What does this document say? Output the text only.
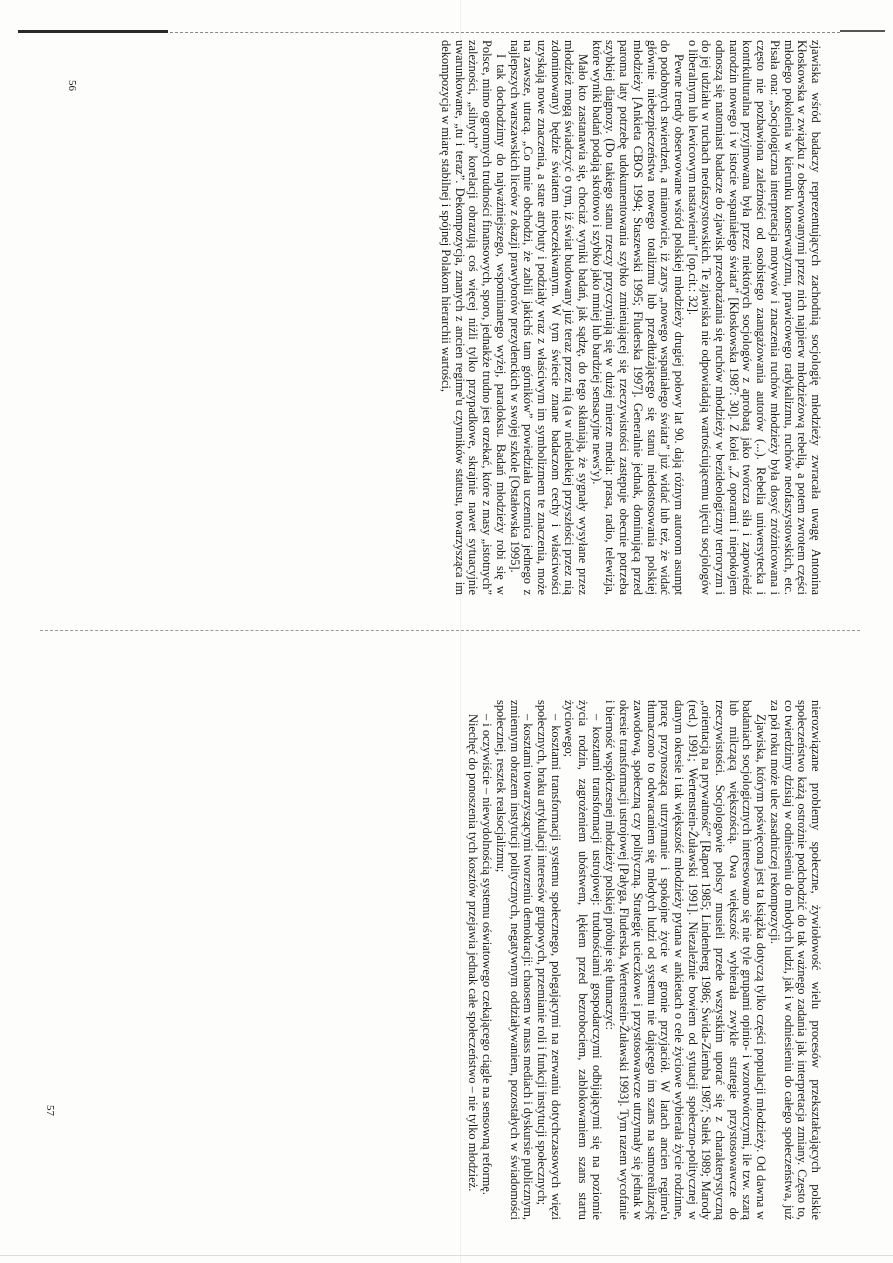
zjawiska wśród badaczy reprezentujących zachodnią socjologię młodzieży zwracała uwagę Antonina Kłoskowska w związku z obserwowanymi przez nich najpierw młodzieżową rebelią, a potem zwrotem części młodego pokolenia w kierunku konserwatyzmu, prawicowego radykalizmu, ruchów neofaszystowskich, etc. Pisała ona: „Socjologiczna interpretacja motywów i znaczenia ruchów młodzieży była dosyć zróżnicowana i często nie pozbawiona zależności od osobistego zaangażowania autorów (...). Rebelia uniwersytecka i kontrkulturalna przyjmowana była przez niektórych socjologów z aprobatą jako twórcza siła i zapowiedź narodzin nowego i w istocie wspaniałego świata” [Kłoskowska 1987: 30]. Z kolei „Z oporami i niepokojem odnoszą się natomiast badacze do zjawisk przeobrażania się ruchów młodzieży w bezideologiczny terroryzm i do jej udziału w ruchach neofaszystowskich. Te zjawiska nie odpowiadają wartościującemu ujęciu socjologów o liberalnym lub lewicowym nastawieniu” [op.cit.: 32].

Pewne trendy obserwowane wśród polskiej młodzieży drugiej połowy lat 90. dają różnym autorom asumpt do podobnych stwierdzeń, a mianowicie, iż zarys „nowego wspaniałego świata” już widać lub też, że widać głównie niebezpieczeństwa nowego totalizmu lub przedłużającego się stanu niedostosowania polskiej młodzieży [Ankieta CBOS 1994; Staszewski 1995; Fluderska 1997]. Generalnie jednak, dominującą przed paroma laty potrzebę udokumentowania szybko zmieniającej się rzeczywistości zastępuje obecnie potrzeba szybkiej diagnozy. (Do takiego stanu rzeczy przyczyniają się w dużej mierze media: prasa, radio, telewizja, które wyniki badań podają skrótowo i szybko jako mniej lub bardziej sensacyjne news'y).

Mało kto zastanawia się, chociaż wyniki badań, jak sądzę, do tego skłaniają, że sygnały wysyłane przez młodzież mogą świadczyć o tym, iż świat budowany już teraz przez nią (a w niedalekiej przyszłości przez nią zdominowany) będzie światem nieoczekiwanym. W tym świecie znane badaczom cechy i właściwości uzyskają nowe znaczenia, a stare atrybuty i podziały wraz z właściwym im symbolizmem te znaczenia, może na zawsze, utracą. „Co mnie obchodzi, że zabili jakichś tam górników” powiedziała uczennica jednego z najlepszych warszawskich liceów z okazji prawyborów prezydenckich w swojej szkole [Ostałowska 1995].

I tak dochodzimy do najważniejszego, wspominanego wyżej, paradoksu. Badań młodzieży robi się w Polsce, mimo ogromnych trudności finansowych, sporo, jednakże trudno jest orzekać, które z masy „istotnych” zależności, „silnych” korelacji obrazują coś więcej niżli tylko przypadkowe, skrajnie nawet sytuacyjnie uwarunkowane, „tu i teraz”. Dekompozycja, znanych z ancien regime'u czynników statusu, towarzysząca im dekompozycja w miarę stabilnej i spójnej Polakom hierarchii wartości,

56

nierozwiązane problemy społeczne, żywiołowość wielu procesów przekształcających polskie społeczeństwo każą ostrożnie podchodzić do tak ważnego zadania jak interpretacja zmiany. Często to, co twierdzimy dzisiaj w odniesieniu do młodych ludzi, jak i w odniesieniu do całego społeczeństwa, już za pół roku może ulec zasadniczej rekompozycji.

Zjawiska, którym poświęcona jest ta książka dotyczą tylko części populacji młodzieży. Od dawna w badaniach socjologicznych interesowano się nie tyle grupami opinio- i wzorotwórczymi, ile tzw. szarą lub milczącą większością. Owa większość wybierała zwykle strategie przystosowawcze do rzeczywistości. Socjologowie polscy musieli przede wszystkim uporać się z charakterystyczną „orientacją na prywatność” [Raport 1985; Lindenberg 1986; Świda-Ziemba 1987; Sułek 1989; Marody (red.) 1991; Wertenstein-Żuławski 1991]. Niezależnie bowiem od sytuacji społeczno-politycznej w danym okresie i tak większość młodzieży pytana w ankietach o cele życiowe wybierała życie rodzinne, pracę przynoszącą utrzymanie i spokojne życie w gronie przyjaciół. W latach ancien regime'u tłumaczono to odwracaniem się młodych ludzi od systemu nie dającego im szans na samorealizację zawodową, społeczną czy polityczną. Strategię ucieczkowe i przystosowawcze utrzymały się jednak w okresie transformacji ustrojowej [Pałyga, Fluderska, Wertenstein-Żuławski 1993]. Tym razem wycofanie i bierność współczesnej młodzieży polskiej próbuje się tłumaczyć:

– kosztami transformacji ustrojowej: trudnościami gospodarczymi odbijającymi się na poziomie życia rodzin, zagrożeniem ubóstwem, lękiem przed bezrobociem, zablokowaniem szans startu życiowego;

– kosztami transformacji systemu społecznego, polegającymi na zerwaniu dotychczasowych więzi społecznych, braku artykulacji interesów grupowych, przemianie roli i funkcji instytucji społecznych;

– kosztami towarzyszącymi tworzeniu demokracji: chaosem w mass mediach i dyskursie publicznym, zmiennym obrazem instytucji politycznych, negatywnym oddziaływaniem, pozostałych w świadomości społecznej, resztek realsocjalizmu;

– i oczywiście – niewydolnością systemu oświatowego czekającego ciągle na sensowną reformę.

Niechęć do ponoszenia tych kosztów przejawia jednak całe społeczeństwo – nie tylko młodzież.

57
